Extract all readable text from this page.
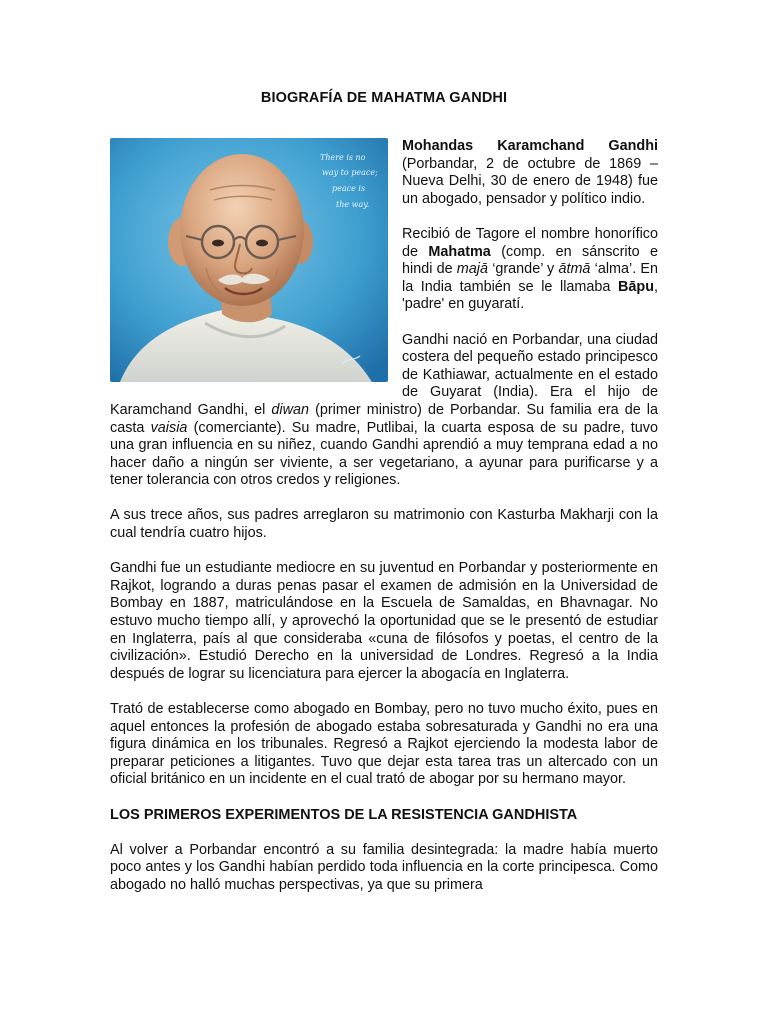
BIOGRAFÍA DE MAHATMA GANDHI
There is no
way to peace;
peace is
the way.

Mohandas Karamchand Gandhi (Porbandar, 2 de octubre de 1869 – Nueva Delhi, 30 de enero de 1948) fue un abogado, pensador y político indio.

Recibió de Tagore el nombre honorífico de Mahatma (comp. en sánscrito e hindi de majā ‘grande’ y ātmā ‘alma’. En la India también se le llamaba Bāpu, 'padre' en guyaratí.

Gandhi nació en Porbandar, una ciudad costera del pequeño estado principesco de Kathiawar, actualmente en el estado de Guyarat (India). Era el hijo de Karamchand Gandhi, el diwan (primer ministro) de Porbandar. Su familia era de la casta vaisia (comerciante). Su madre, Putlibai, la cuarta esposa de su padre, tuvo una gran influencia en su niñez, cuando Gandhi aprendió a muy temprana edad a no hacer daño a ningún ser viviente, a ser vegetariano, a ayunar para purificarse y a tener tolerancia con otros credos y religiones.

A sus trece años, sus padres arreglaron su matrimonio con Kasturba Makharji con la cual tendría cuatro hijos.

Gandhi fue un estudiante mediocre en su juventud en Porbandar y posteriormente en Rajkot, logrando a duras penas pasar el examen de admisión en la Universidad de Bombay en 1887, matriculándose en la Escuela de Samaldas, en Bhavnagar. No estuvo mucho tiempo allí, y aprovechó la oportunidad que se le presentó de estudiar en Inglaterra, país al que consideraba «cuna de filósofos y poetas, el centro de la civilización». Estudió Derecho en la universidad de Londres. Regresó a la India después de lograr su licenciatura para ejercer la abogacía en Inglaterra.

Trató de establecerse como abogado en Bombay, pero no tuvo mucho éxito, pues en aquel entonces la profesión de abogado estaba sobresaturada y Gandhi no era una figura dinámica en los tribunales. Regresó a Rajkot ejerciendo la modesta labor de preparar peticiones a litigantes. Tuvo que dejar esta tarea tras un altercado con un oficial británico en un incidente en el cual trató de abogar por su hermano mayor.

LOS PRIMEROS EXPERIMENTOS DE LA RESISTENCIA GANDHISTA

Al volver a Porbandar encontró a su familia desintegrada: la madre había muerto poco antes y los Gandhi habían perdido toda influencia en la corte principesca. Como abogado no halló muchas perspectivas, ya que su primera
